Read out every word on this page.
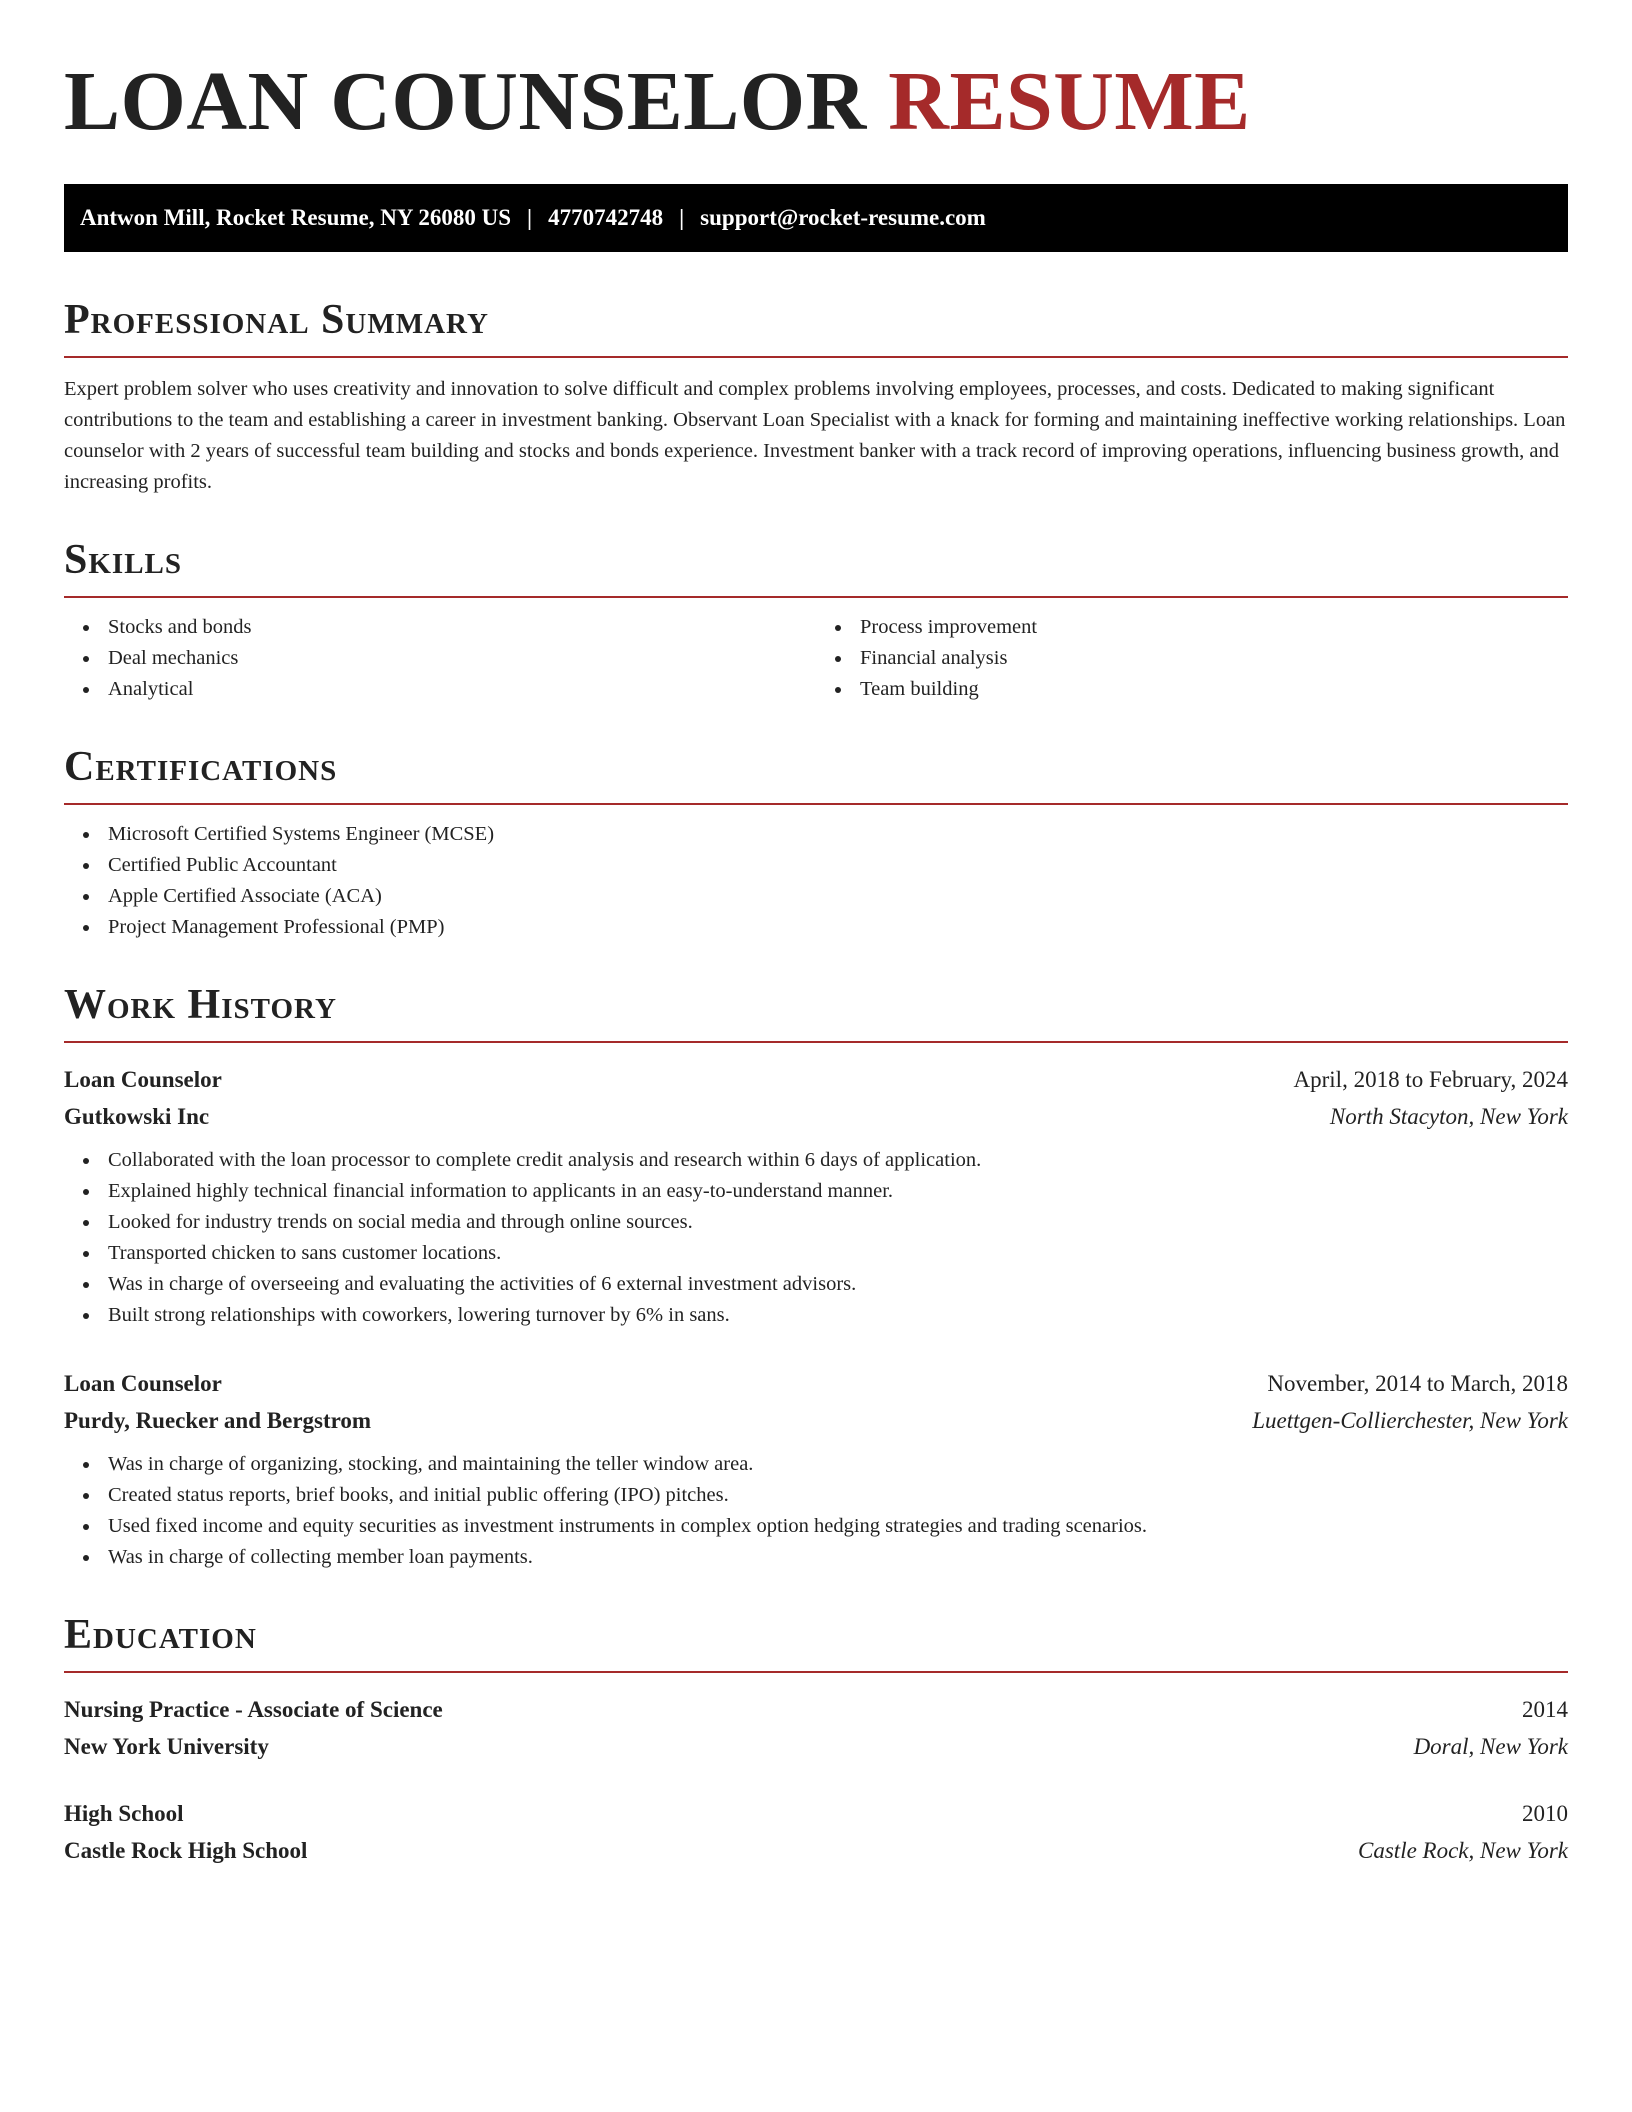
LOAN COUNSELOR RESUME
Antwon Mill, Rocket Resume, NY 26080 US | 4770742748 | support@rocket-resume.com
Professional Summary

Expert problem solver who uses creativity and innovation to solve difficult and complex problems involving employees, processes, and costs. Dedicated to making significant contributions to the team and establishing a career in investment banking. Observant Loan Specialist with a knack for forming and maintaining ineffective working relationships. Loan counselor with 2 years of successful team building and stocks and bonds experience. Investment banker with a track record of improving operations, influencing business growth, and increasing profits.

Skills
Stocks and bonds
Deal mechanics
Analytical
Process improvement
Financial analysis
Team building
Certifications
Microsoft Certified Systems Engineer (MCSE)
Certified Public Accountant
Apple Certified Associate (ACA)
Project Management Professional (PMP)
Work History
Loan Counselor	April, 2018 to February, 2024
Gutkowski Inc	North Stacyton, New York
Collaborated with the loan processor to complete credit analysis and research within 6 days of application.
Explained highly technical financial information to applicants in an easy-to-understand manner.
Looked for industry trends on social media and through online sources.
Transported chicken to sans customer locations.
Was in charge of overseeing and evaluating the activities of 6 external investment advisors.
Built strong relationships with coworkers, lowering turnover by 6% in sans.
Loan Counselor	November, 2014 to March, 2018
Purdy, Ruecker and Bergstrom	Luettgen-Collierchester, New York
Was in charge of organizing, stocking, and maintaining the teller window area.
Created status reports, brief books, and initial public offering (IPO) pitches.
Used fixed income and equity securities as investment instruments in complex option hedging strategies and trading scenarios.
Was in charge of collecting member loan payments.
Education
Nursing Practice - Associate of Science	2014
New York University	Doral, New York
High School	2010
Castle Rock High School	Castle Rock, New York
